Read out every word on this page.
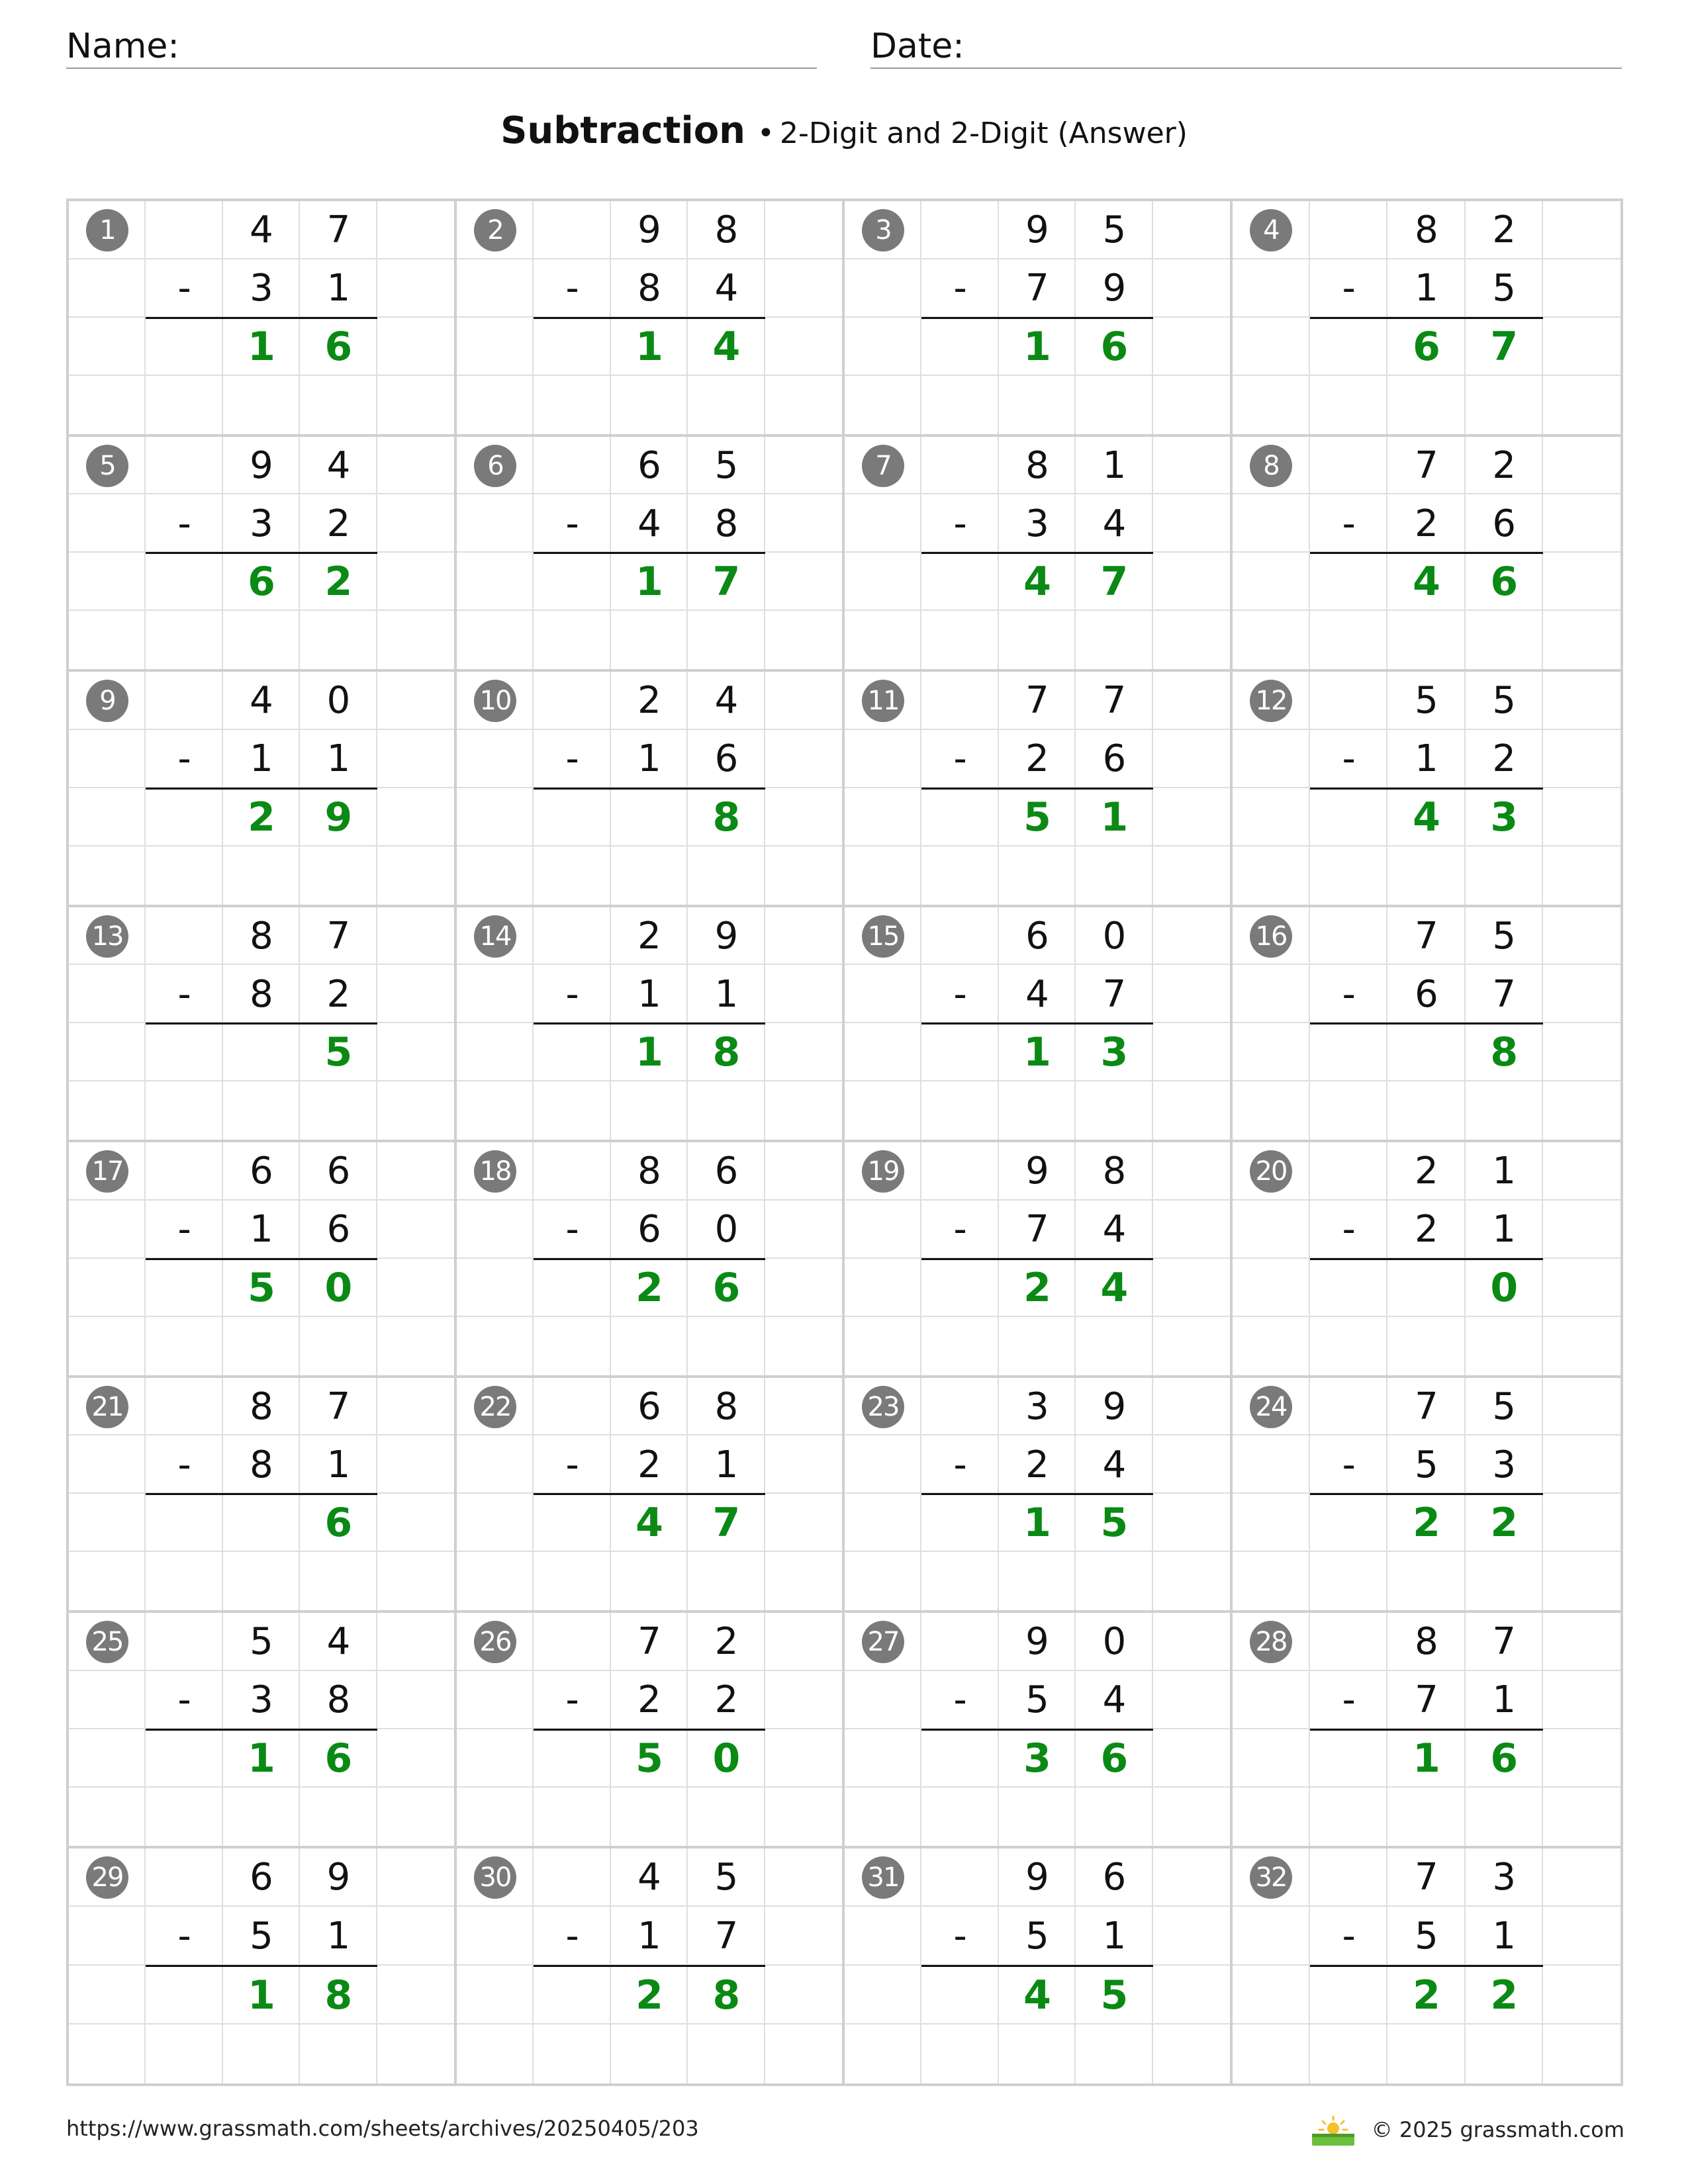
Name:	Date:
Subtraction • 2-Digit and 2-Digit (Answer)
1	4	7
-	3	1
1	6
2	9	8
-	8	4
1	4
3	9	5
-	7	9
1	6
4	8	2
-	1	5
6	7
5	9	4
-	3	2
6	2
6	6	5
-	4	8
1	7
7	8	1
-	3	4
4	7
8	7	2
-	2	6
4	6
9	4	0
-	1	1
2	9
10	2	4
-	1	6
8
11	7	7
-	2	6
5	1
12	5	5
-	1	2
4	3
13	8	7
-	8	2
5
14	2	9
-	1	1
1	8
15	6	0
-	4	7
1	3
16	7	5
-	6	7
8
17	6	6
-	1	6
5	0
18	8	6
-	6	0
2	6
19	9	8
-	7	4
2	4
20	2	1
-	2	1
0
21	8	7
-	8	1
6
22	6	8
-	2	1
4	7
23	3	9
-	2	4
1	5
24	7	5
-	5	3
2	2
25	5	4
-	3	8
1	6
26	7	2
-	2	2
5	0
27	9	0
-	5	4
3	6
28	8	7
-	7	1
1	6
29	6	9
-	5	1
1	8
30	4	5
-	1	7
2	8
31	9	6
-	5	1
4	5
32	7	3
-	5	1
2	2
https://www.grassmath.com/sheets/archives/20250405/203	© 2025 grassmath.com
